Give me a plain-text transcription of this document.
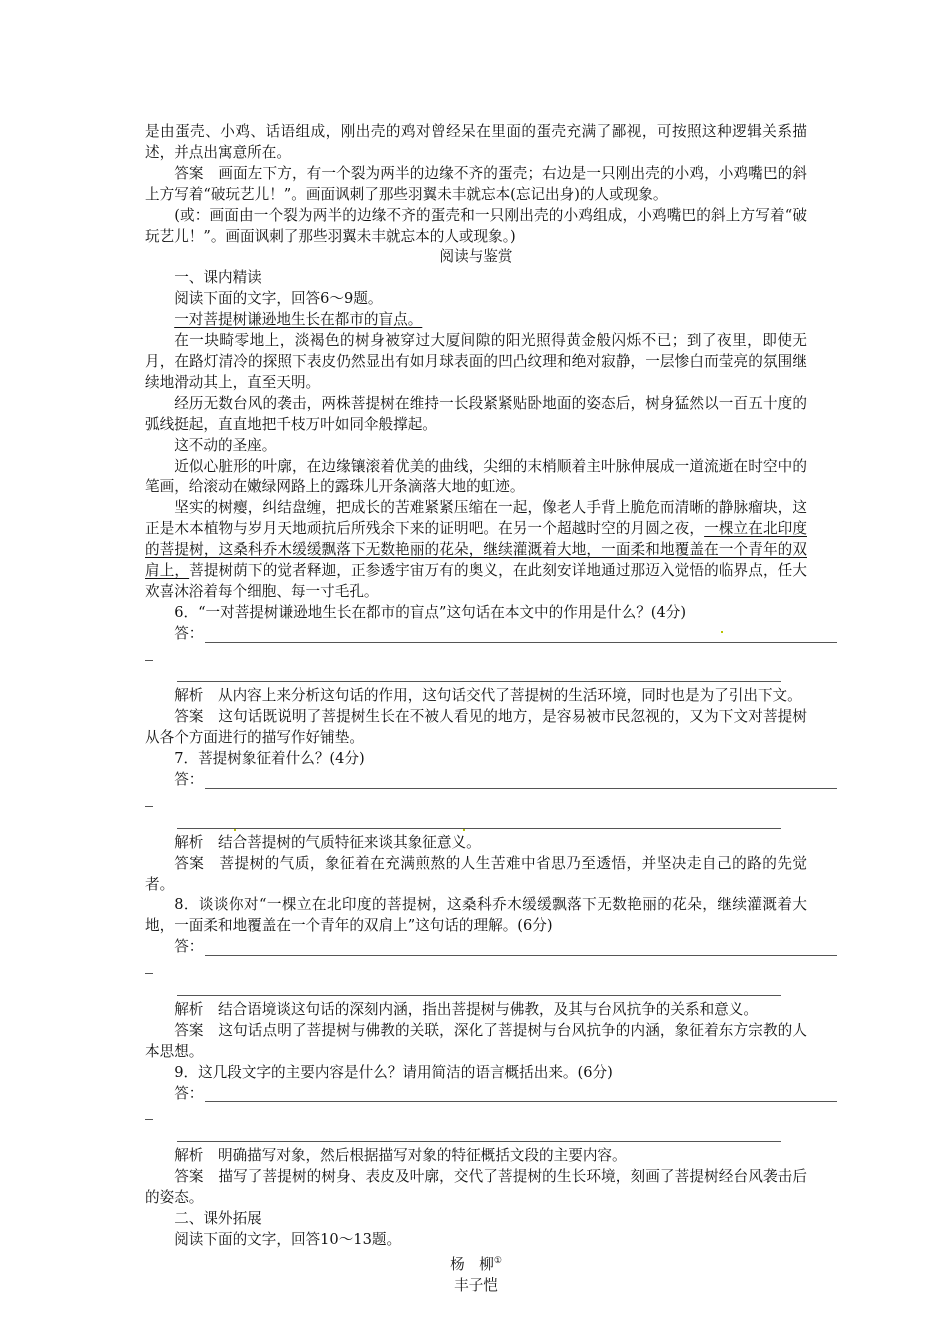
是由蛋壳、小鸡、话语组成，刚出壳的鸡对曾经呆在里面的蛋壳充满了鄙视，可按照这种逻辑关系描述，并点出寓意所在。

答案　画面左下方，有一个裂为两半的边缘不齐的蛋壳；右边是一只刚出壳的小鸡，小鸡嘴巴的斜上方写着“破玩艺儿！”。画面讽刺了那些羽翼未丰就忘本(忘记出身)的人或现象。

(或：画面由一个裂为两半的边缘不齐的蛋壳和一只刚出壳的小鸡组成，小鸡嘴巴的斜上方写着“破玩艺儿！”。画面讽刺了那些羽翼未丰就忘本的人或现象。)

阅读与鉴赏

一、课内精读

阅读下面的文字，回答6～9题。

一对菩提树谦逊地生长在都市的盲点。

在一块畸零地上，淡褐色的树身被穿过大厦间隙的阳光照得黄金般闪烁不已；到了夜里，即使无月，在路灯清冷的探照下表皮仍然显出有如月球表面的凹凸纹理和绝对寂静，一层惨白而莹亮的氛围继续地滑动其上，直至天明。

经历无数台风的袭击，两株菩提树在维持一长段紧紧贴卧地面的姿态后，树身猛然以一百五十度的弧线挺起，直直地把千枝万叶如同伞般撑起。

这不动的圣座。

近似心脏形的叶廓，在边缘镶滚着优美的曲线，尖细的末梢顺着主叶脉伸展成一道流逝在时空中的笔画，给滚动在嫩绿网路上的露珠儿开条滴落大地的虹迹。

坚实的树瘿，纠结盘缠，把成长的苦难紧紧压缩在一起，像老人手背上脆危而清晰的静脉瘤块，这正是木本植物与岁月天地顽抗后所残余下来的证明吧。在另一个超越时空的月圆之夜，一棵立在北印度的菩提树，这桑科乔木缓缓飘落下无数艳丽的花朵，继续灌溉着大地，一面柔和地覆盖在一个青年的双肩上，菩提树荫下的觉者释迦，正参透宇宙万有的奥义，在此刻安详地通过那迈入觉悟的临界点，任大欢喜沐浴着每个细胞、每一寸毛孔。

6．“一对菩提树谦逊地生长在都市的盲点”这句话在本文中的作用是什么？(4分)

答：

解析　从内容上来分析这句话的作用，这句话交代了菩提树的生活环境，同时也是为了引出下文。

答案　这句话既说明了菩提树生长在不被人看见的地方，是容易被市民忽视的，又为下文对菩提树从各个方面进行的描写作好铺垫。

7．菩提树象征着什么？(4分)

答：

解析　结合菩提树的气质特征来谈其象征意义。

答案　菩提树的气质，象征着在充满煎熬的人生苦难中省思乃至透悟，并坚决走自己的路的先觉者。

8．谈谈你对“一棵立在北印度的菩提树，这桑科乔木缓缓飘落下无数艳丽的花朵，继续灌溉着大地，一面柔和地覆盖在一个青年的双肩上”这句话的理解。(6分)

答：

解析　结合语境谈这句话的深刻内涵，指出菩提树与佛教，及其与台风抗争的关系和意义。

答案　这句话点明了菩提树与佛教的关联，深化了菩提树与台风抗争的内涵，象征着东方宗教的人本思想。

9．这几段文字的主要内容是什么？请用简洁的语言概括出来。(6分)

答：

解析　明确描写对象，然后根据描写对象的特征概括文段的主要内容。

答案　描写了菩提树的树身、表皮及叶廓，交代了菩提树的生长环境，刻画了菩提树经台风袭击后的姿态。

二、课外拓展

阅读下面的文字，回答10～13题。

杨　柳①

丰子恺
